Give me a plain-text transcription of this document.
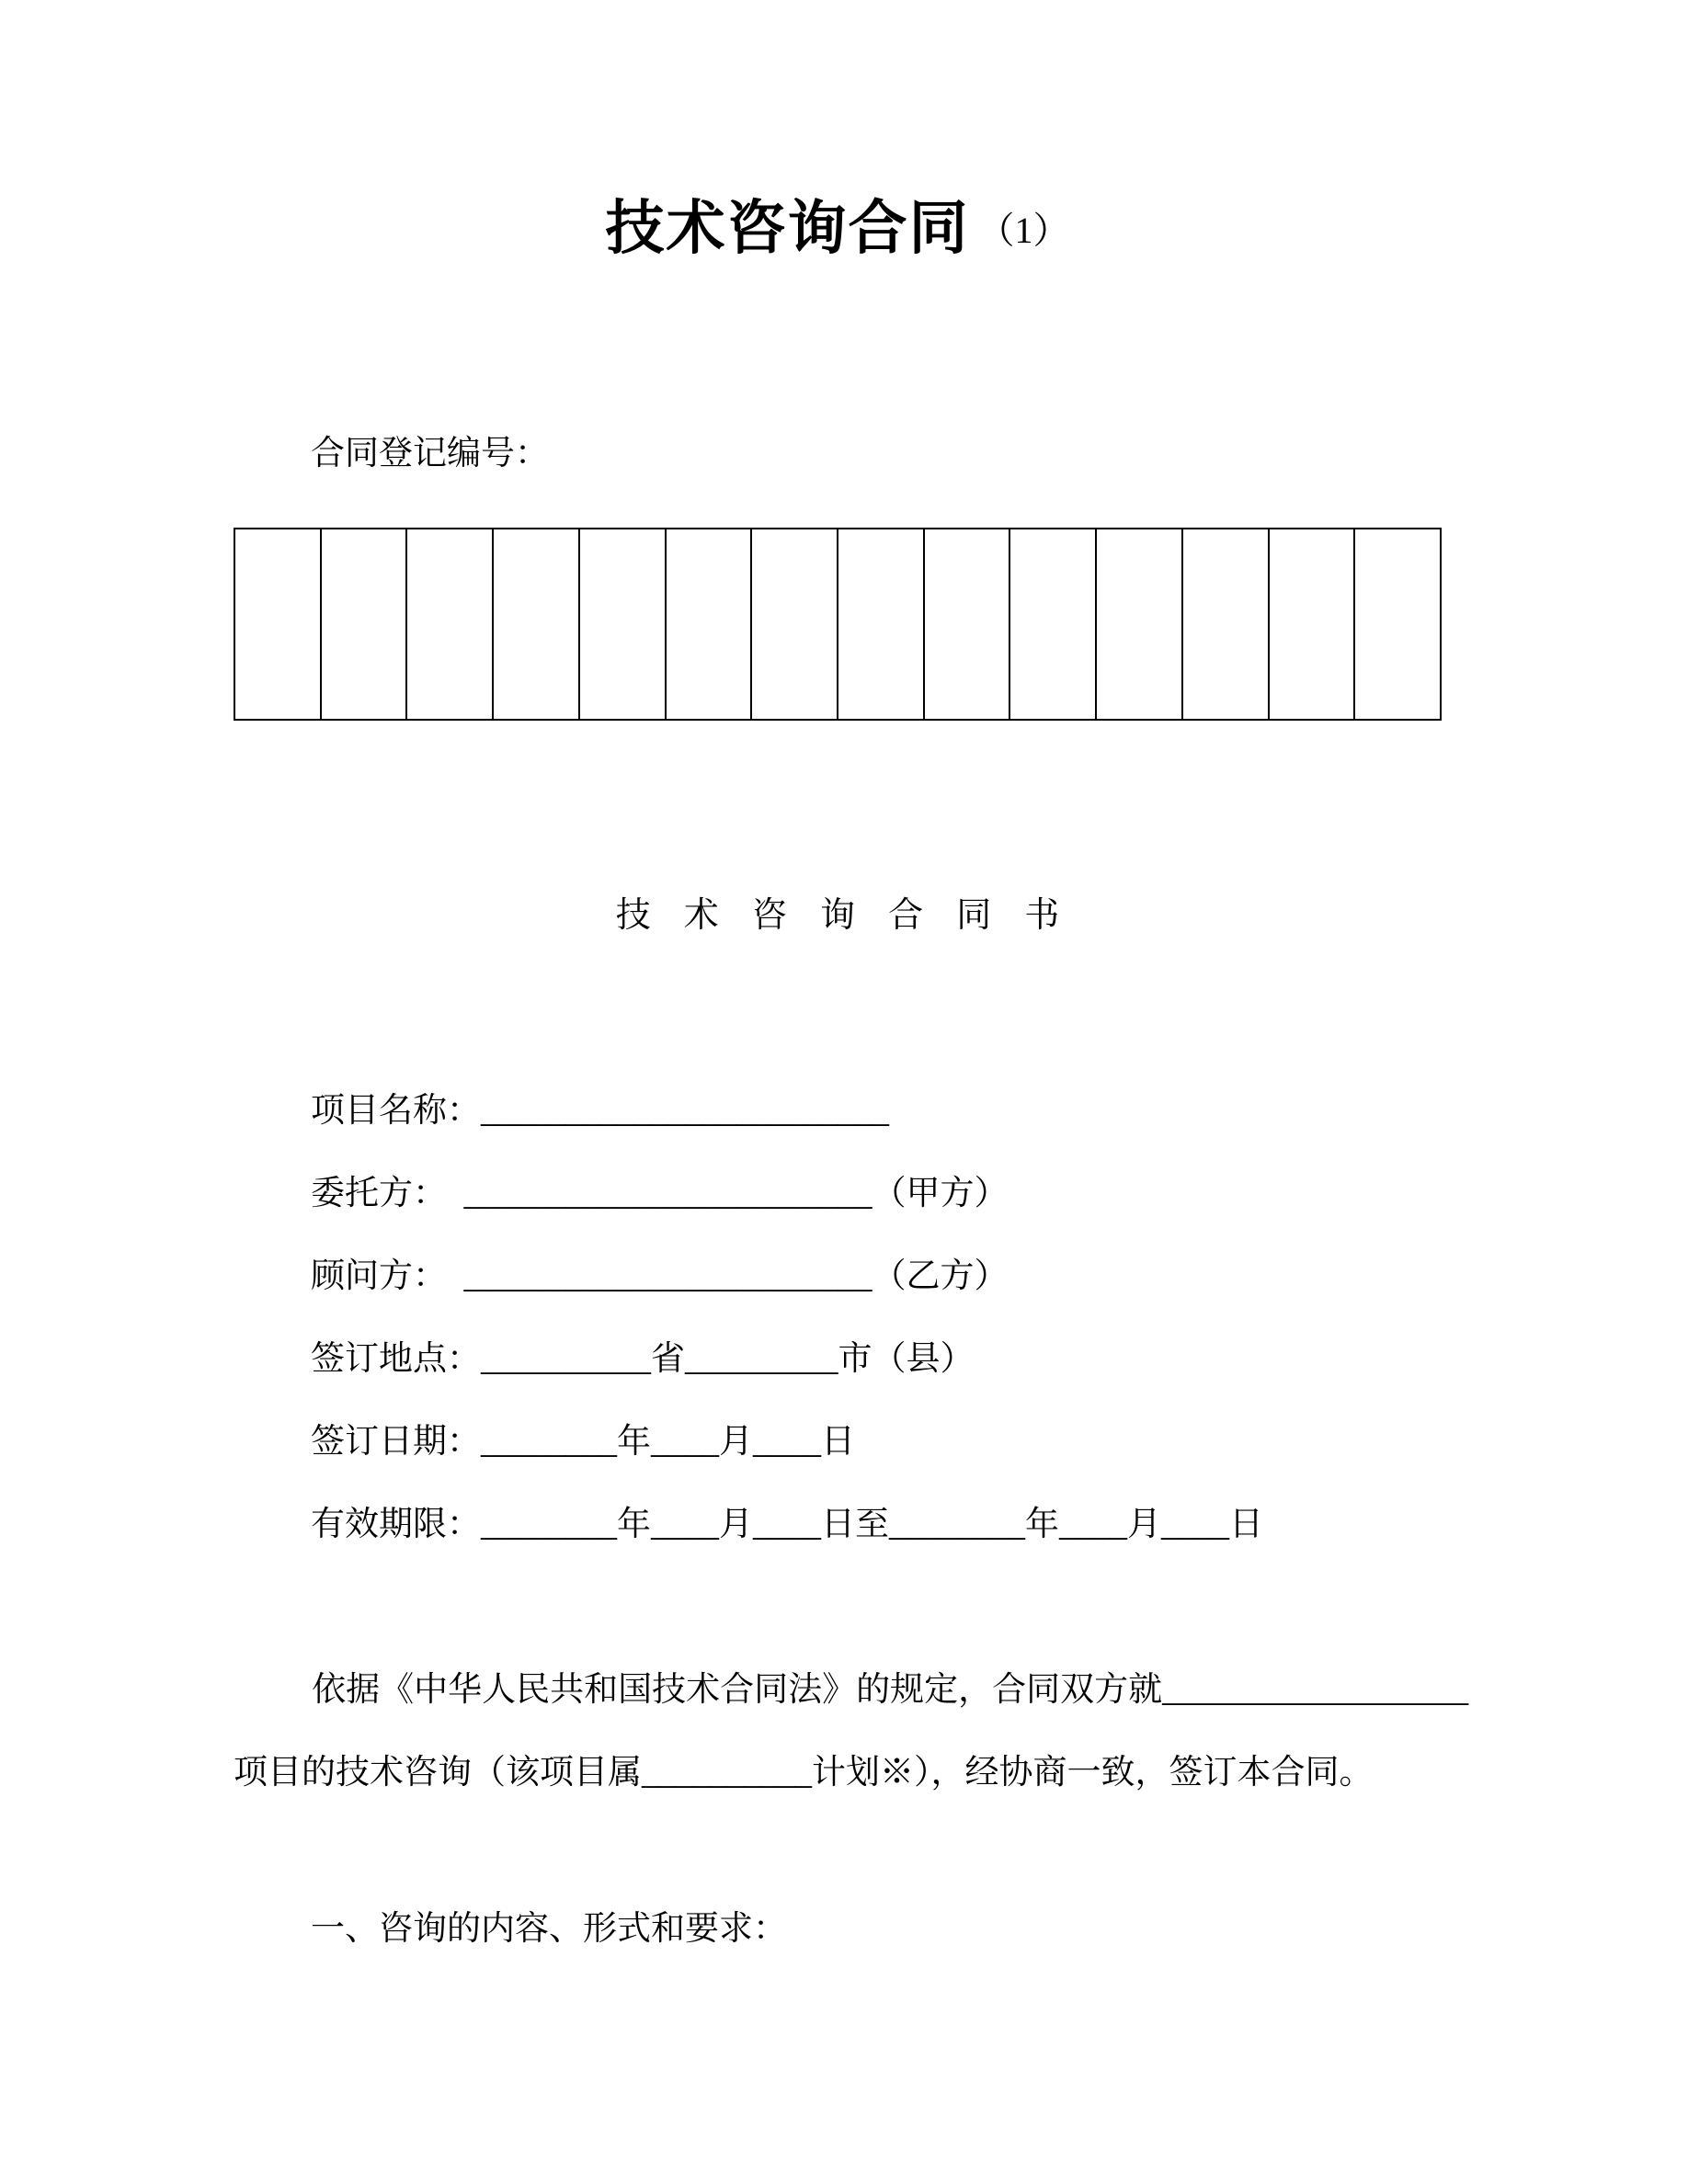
技术咨询合同 （1）
合同登记编号：
技术咨询合同书
项目名称：________________________
委托方：　________________________（甲方）
顾问方：　________________________（乙方）
签订地点：__________省_________市（县）
签订日期：________年____月____日
有效期限：________年____月____日至________年____月____日
依据《中华人民共和国技术合同法》的规定，合同双方就__________________
项目的技术咨询（该项目属__________计划※），经协商一致，签订本合同。
一、咨询的内容、形式和要求：
